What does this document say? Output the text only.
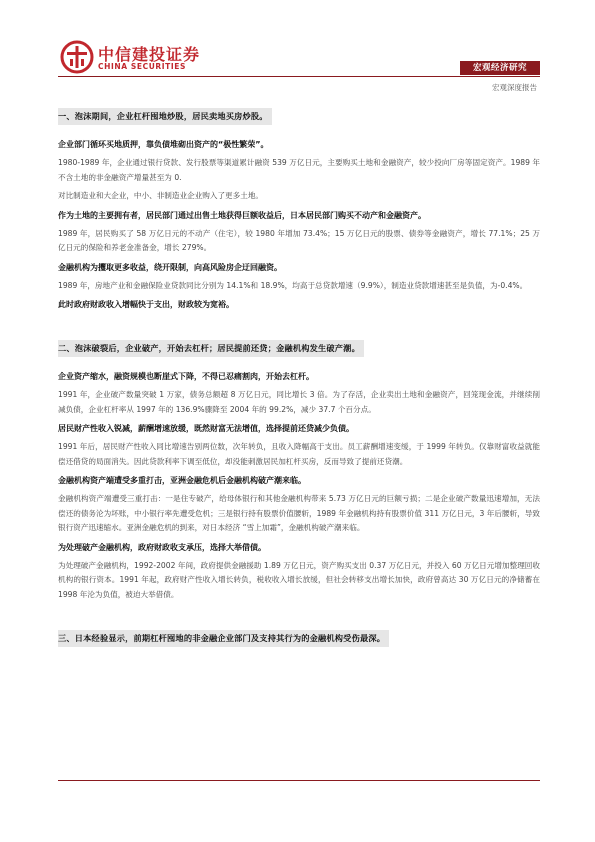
中信建投证券
CHINA SECURITIES	宏观经济研究
宏观深度报告
一、泡沫期间，企业杠杆囤地炒股，居民卖地买房炒股。
企业部门循环买地质押，靠负债堆砌出资产的“极性繁荣”。
1980-1989 年，企业通过银行贷款、发行股票等渠道累计融资 539 万亿日元，主要购买土地和金融资产，较少投向厂房等固定资产。1989 年不含土地的非金融资产增量甚至为 0.
对比制造业和大企业，中小、非制造业企业购入了更多土地。
作为土地的主要拥有者，居民部门通过出售土地获得巨额收益后，日本居民部门购买不动产和金融资产。
1989 年，居民购买了 58 万亿日元的不动产（住宅），较 1980 年增加 73.4%；15 万亿日元的股票、债券等金融资产，增长 77.1%；25 万亿日元的保险和养老金准备金，增长 279%。
金融机构为攫取更多收益，绕开限制，向高风险房企迂回融资。
1989 年，房地产业和金融保险业贷款同比分别为 14.1%和 18.9%，均高于总贷款增速（9.9%），制造业贷款增速甚至是负值，为-0.4%。
此时政府财政收入增幅快于支出，财政较为宽裕。
二、泡沫破裂后，企业破产，开始去杠杆；居民提前还贷；金融机构发生破产潮。
企业资产缩水，融资规模也断崖式下降，不得已忍痛割肉，开始去杠杆。
1991 年，企业破产数量突破 1 万家，债务总额超 8 万亿日元，同比增长 3 倍。为了存活，企业卖出土地和金融资产，回笼现金流，并继续削减负债，企业杠杆率从 1997 年的 136.9%骤降至 2004 年的 99.2%，减少 37.7 个百分点。
居民财产性收入锐减，薪酬增速放缓，既然财富无法增值，选择提前还贷减少负债。
1991 年后，居民财产性收入同比增速告别两位数，次年转负，且收入降幅高于支出。员工薪酬增速变缓，于 1999 年转负。仅靠财富收益就能偿还借贷的局面消失。因此贷款利率下调至低位，却没能刺激居民加杠杆买房，反而导致了提前还贷潮。
金融机构资产端遭受多重打击，亚洲金融危机后金融机构破产潮来临。
金融机构资产端遭受三重打击：一是住专破产，给母体银行和其他金融机构带来 5.73 万亿日元的巨额亏损；二是企业破产数量迅速增加，无法偿还的债务沦为坏账，中小银行率先遭受危机；三是银行持有股票价值腰斩，1989 年金融机构持有股票价值 311 万亿日元，3 年后腰斩，导致银行资产迅速缩水。亚洲金融危机的到来，对日本经济 “雪上加霜”，金融机构破产潮来临。
为处理破产金融机构，政府财政收支承压，选择大举借债。
为处理破产金融机构，1992-2002 年间，政府提供金融援助 1.89 万亿日元，资产购买支出 0.37 万亿日元，并投入 60 万亿日元增加整理回收机构的银行资本。1991 年起，政府财产性收入增长转负，税收收入增长放缓，但社会转移支出增长加快，政府曾高达 30 万亿日元的净储蓄在 1998 年沦为负值，被迫大举借债。
三、日本经验显示，前期杠杆囤地的非金融企业部门及支持其行为的金融机构受伤最深。
